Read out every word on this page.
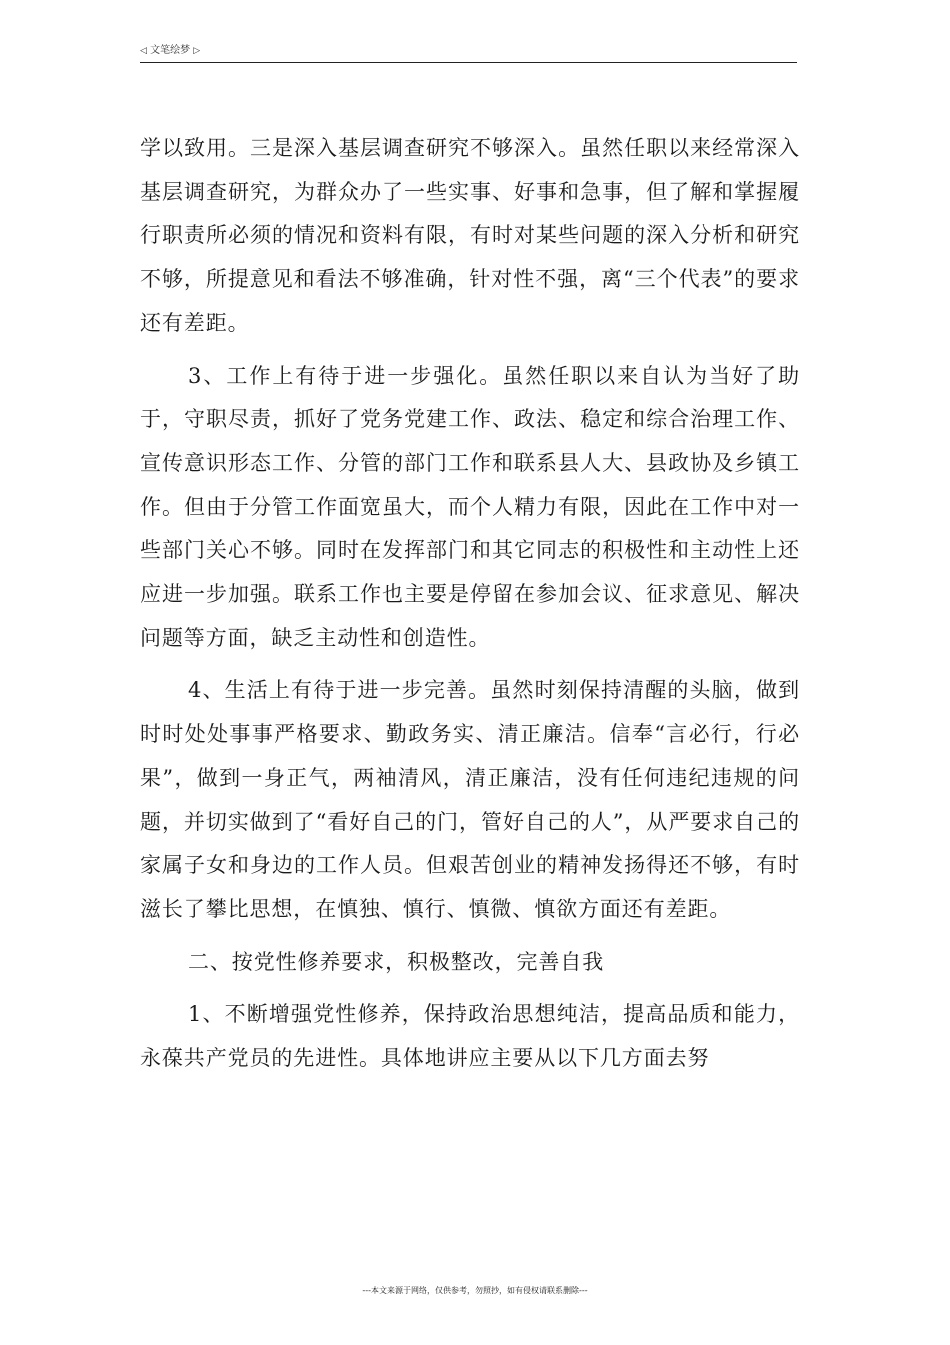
◁ 文笔绘梦 ▷

学以致用。三是深入基层调查研究不够深入。虽然任职以来经常深入基层调查研究，为群众办了一些实事、好事和急事，但了解和掌握履行职责所必须的情况和资料有限，有时对某些问题的深入分析和研究不够，所提意见和看法不够准确，针对性不强，离“三个代表”的要求还有差距。

3、工作上有待于进一步强化。虽然任职以来自认为当好了助于，守职尽责，抓好了党务党建工作、政法、稳定和综合治理工作、宣传意识形态工作、分管的部门工作和联系县人大、县政协及乡镇工作。但由于分管工作面宽虽大，而个人精力有限，因此在工作中对一些部门关心不够。同时在发挥部门和其它同志的积极性和主动性上还应进一步加强。联系工作也主要是停留在参加会议、征求意见、解决问题等方面，缺乏主动性和创造性。

4、生活上有待于进一步完善。虽然时刻保持清醒的头脑，做到时时处处事事严格要求、勤政务实、清正廉洁。信奉“言必行，行必果”，做到一身正气，两袖清风，清正廉洁，没有任何违纪违规的问题，并切实做到了“看好自己的门，管好自己的人”，从严要求自己的家属子女和身边的工作人员。但艰苦创业的精神发扬得还不够，有时滋长了攀比思想，在慎独、慎行、慎微、慎欲方面还有差距。

二、按党性修养要求，积极整改，完善自我

1、不断增强党性修养，保持政治思想纯洁，提高品质和能力，永葆共产党员的先进性。具体地讲应主要从以下几方面去努

---本文来源于网络，仅供参考，勿照抄，如有侵权请联系删除---
